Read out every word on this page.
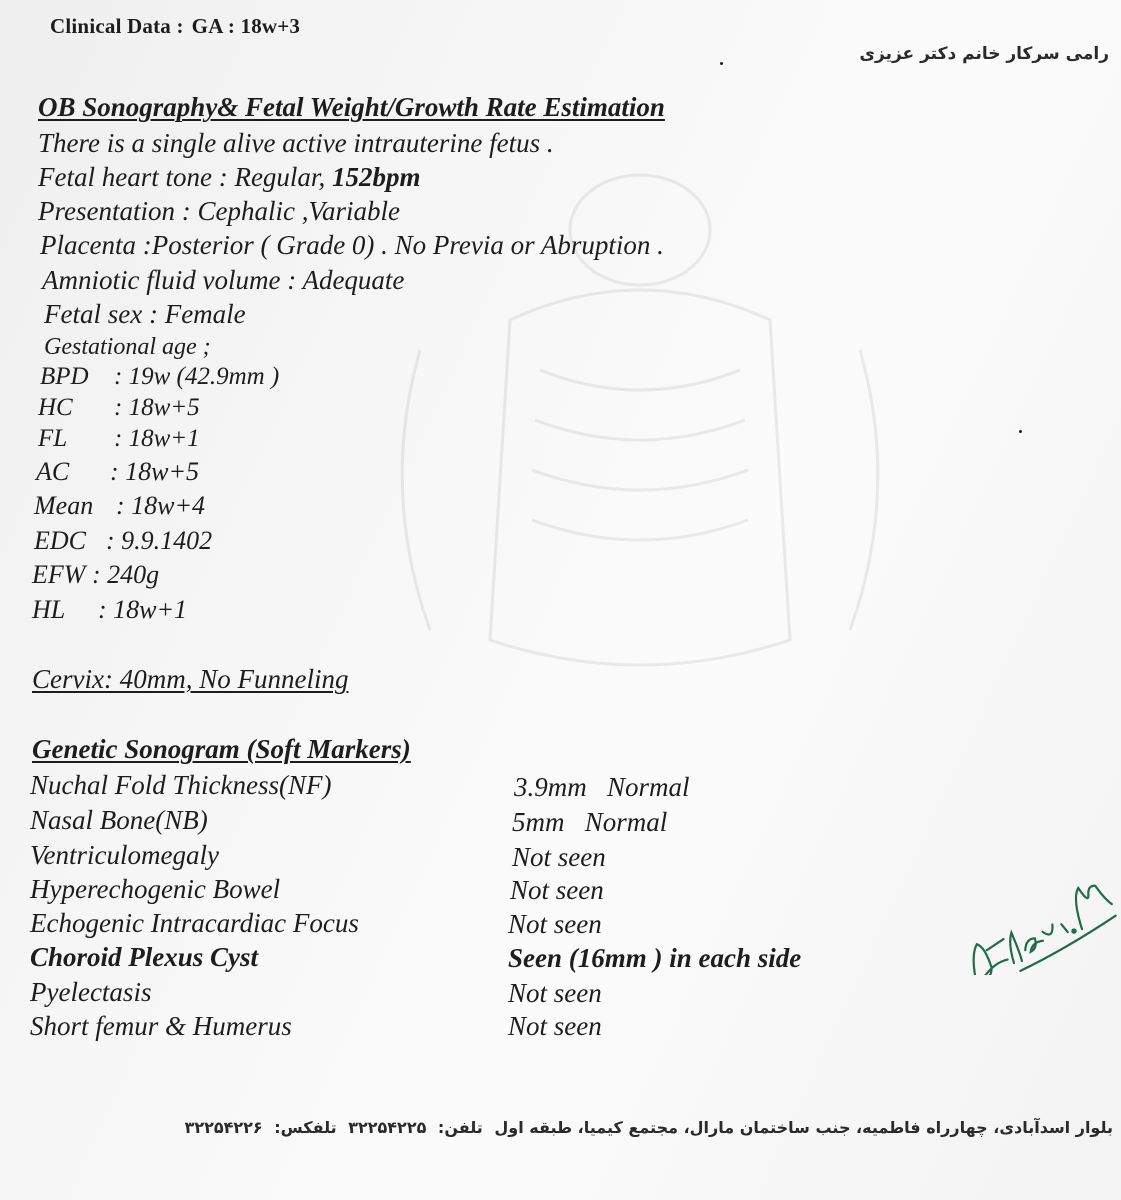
Clinical Data : GA : 18w+3
رامی سرکار خانم دکتر عزیزی
OB Sonography& Fetal Weight/Growth Rate Estimation
There is a single alive active intrauterine fetus .
Fetal heart tone : Regular, 152bpm
Presentation : Cephalic ,Variable
Placenta :Posterior ( Grade 0) . No Previa or Abruption .
Amniotic fluid volume : Adequate
Fetal sex : Female
Gestational age ;
BPD : 19w (42.9mm )
HC : 18w+5
FL : 18w+1
AC : 18w+5
Mean : 18w+4
EDC : 9.9.1402
EFW : 240g
HL : 18w+1
Cervix: 40mm, No Funneling
Genetic Sonogram (Soft Markers)
Nuchal Fold Thickness(NF)	3.9mm   Normal
Nasal Bone(NB)	5mm   Normal
Ventriculomegaly	Not seen
Hyperechogenic Bowel	Not seen
Echogenic Intracardiac Focus	Not seen
Choroid Plexus Cyst	Seen (16mm ) in each side
Pyelectasis	Not seen
Short femur & Humerus	Not seen
بلوار اسدآبادی، چهارراه فاطمیه، جنب ساختمان مارال، مجتمع کیمیا، طبقه اول تلفن: ۳۲۲۵۴۲۲۵ تلفکس: ۳۲۲۵۴۲۲۶
